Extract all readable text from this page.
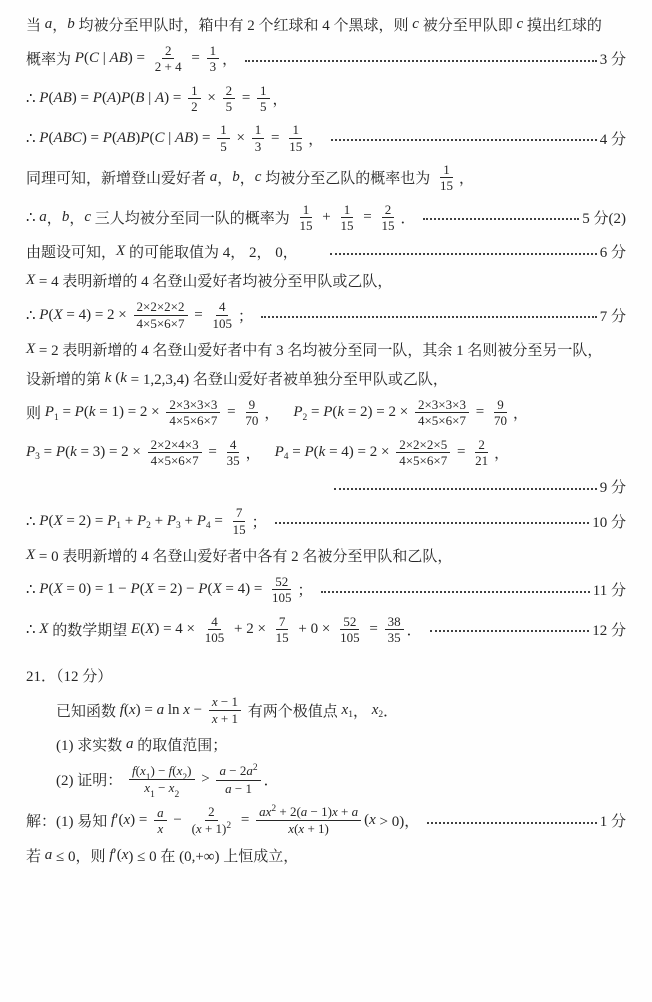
当 a ， b 均被分至甲队时，箱中有 2 个红球和 4 个黑球，则 c 被分至甲队即 c 摸出红球的
概率为 P ( C | AB ) = $\frac{2}{2 + 4} = \frac{1}{3}$ ，	3 分
∴ P ( AB ) = P ( A ) P ( B | A ) = $\frac{1}{2} \times \frac{2}{5} = \frac{1}{5}$ ，
∴ P ( ABC ) = P ( AB ) P ( C | AB ) = $\frac{1}{5} \times \frac{1}{3} = \frac{1}{15}$ ，	4 分
同理可知，新增登山爱好者 a ， b ， c 均被分至乙队的概率也为 $\frac{1}{15}$ ，
∴ a ， b ， c 三人均被分至同一队的概率为 $\frac{1}{15} + \frac{1}{15} = \frac{2}{15}$ ．	5 分(2)
由题设可知， X 的可能取值为 4， 2， 0，	6 分
X = 4 表明新增的 4 名登山爱好者均被分至甲队或乙队，
∴ P ( $X = 4) = 2 \times \frac{2\times 2\times 2\times 2}{4\times 5\times 6\times 7} = \frac{4}{105}$ ；	7 分
X = 2 表明新增的 4 名登山爱好者中有 3 名均被分至同一队，其余 1 名则被分至另一队，
设新增的第 k ( k = 1,2,3,4) 名登山爱好者被单独分至甲队或乙队，
则 P 1 = P ( $k = 1) = 2 \times \frac{2\times 3\times 3\times 3}{4\times 5\times 6\times 7} = \frac{9}{70}$ ， P 2 = P ( $k = 2) = 2 \times \frac{2\times 3\times 3\times 3}{4\times 5\times 6\times 7} = \frac{9}{70}$ ，
P 3 = P ( $k = 3) = 2 \times \frac{2\times 2\times 4\times 3}{4\times 5\times 6\times 7} = \frac{4}{35}$ ， P 4 = P ( $k = 4) = 2 \times \frac{2\times 2\times 2\times 5}{4\times 5\times 6\times 7} = \frac{2}{21}$ ，
9 分
∴ P ( X = 2) = P 1 + P 2 + P 3 + P $4 = \frac{7}{15}$ ；	10 分
X = 0 表明新增的 4 名登山爱好者中各有 2 名被分至甲队和乙队，
∴ P ( X = 0) = 1 − P ( X = 2) − P ( $X = 4) = \frac{52}{105}$ ；	11 分
∴ X 的数学期望 E ( X ) = $4 \times \frac{4}{105} + 2 \times \frac{7}{15} + 0 \times \frac{52}{105} = \frac{38}{35}$ ．	12 分
21．（12 分）
已知函数 f ( x ) = a $\ln x - \frac{x - 1}{x + 1}$ 有两个极值点 x 1 ， x 2 ．
(1) 求实数 a 的取值范围；
(2) 证明： $\frac{f(x1) - f(x2)}{x1 - x2} > \frac{a - 2a2}{a - 1}$ ．
解：(1) 易知 f ′( x ) = $\frac{a}{x} - \frac{2}{(x + 1)2} = \frac{ax2 + 2(a - 1)x + a}{x(x + 1)}$ ( x > 0)，	1 分
若 a ≤ 0，则 f ′( x ) ≤ 0 在 (0,+∞) 上恒成立，
